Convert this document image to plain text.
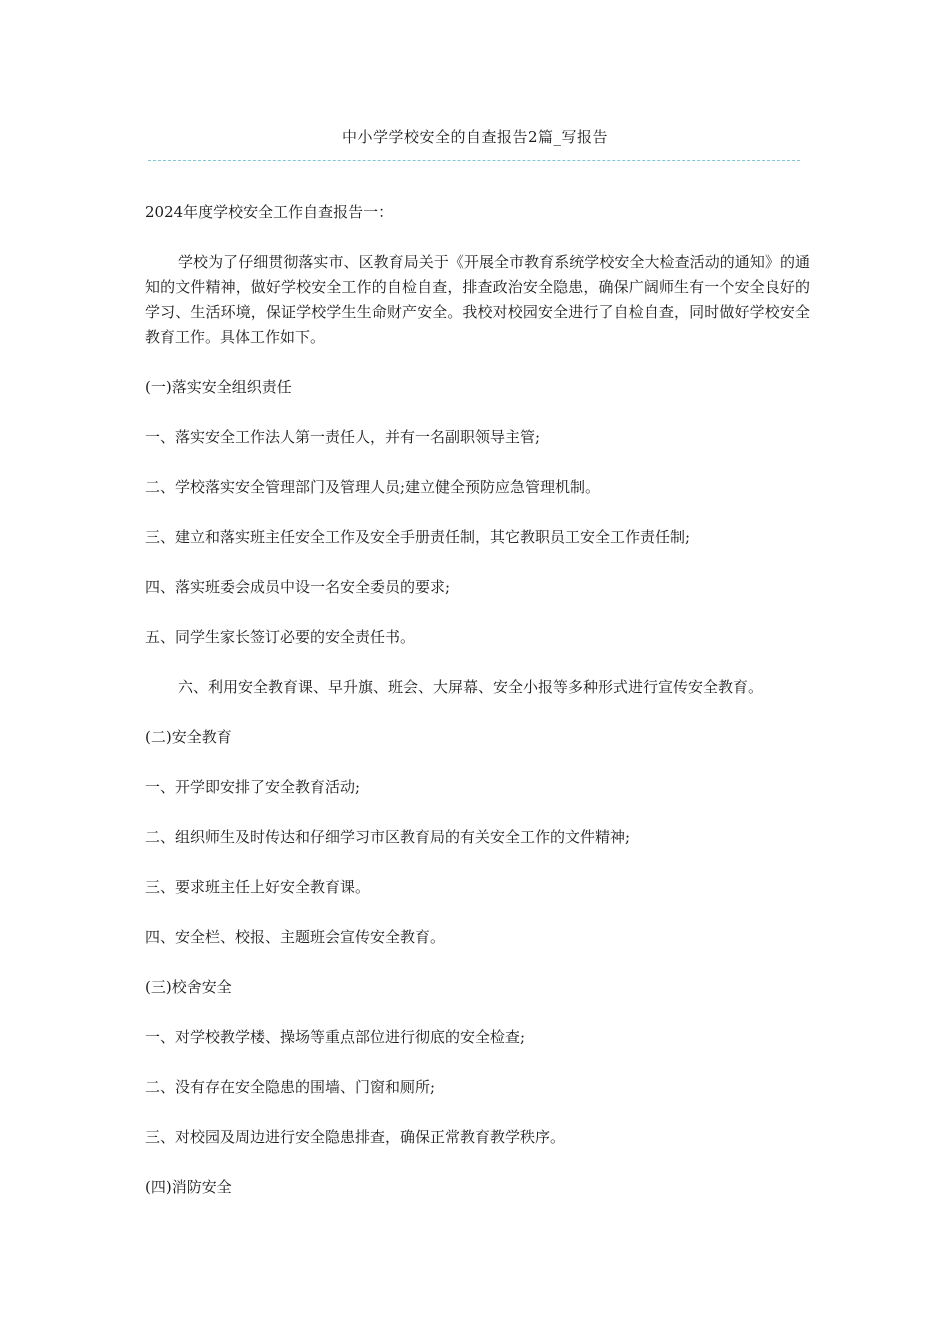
中小学学校安全的自查报告2篇_写报告

2024年度学校安全工作自查报告一：

学校为了仔细贯彻落实市、区教育局关于《开展全市教育系统学校安全大检查活动的通知》的通知的文件精神，做好学校安全工作的自检自查，排查政治安全隐患，确保广阔师生有一个安全良好的学习、生活环境，保证学校学生生命财产安全。我校对校园安全进行了自检自查，同时做好学校安全教育工作。具体工作如下。

(一)落实安全组织责任

一、落实安全工作法人第一责任人，并有一名副职领导主管;

二、学校落实安全管理部门及管理人员;建立健全预防应急管理机制。

三、建立和落实班主任安全工作及安全手册责任制，其它教职员工安全工作责任制;

四、落实班委会成员中设一名安全委员的要求;

五、同学生家长签订必要的安全责任书。

六、利用安全教育课、早升旗、班会、大屏幕、安全小报等多种形式进行宣传安全教育。

(二)安全教育

一、开学即安排了安全教育活动;

二、组织师生及时传达和仔细学习市区教育局的有关安全工作的文件精神;

三、要求班主任上好安全教育课。

四、安全栏、校报、主题班会宣传安全教育。

(三)校舍安全

一、对学校教学楼、操场等重点部位进行彻底的安全检查;

二、没有存在安全隐患的围墙、门窗和厕所;

三、对校园及周边进行安全隐患排查，确保正常教育教学秩序。

(四)消防安全
